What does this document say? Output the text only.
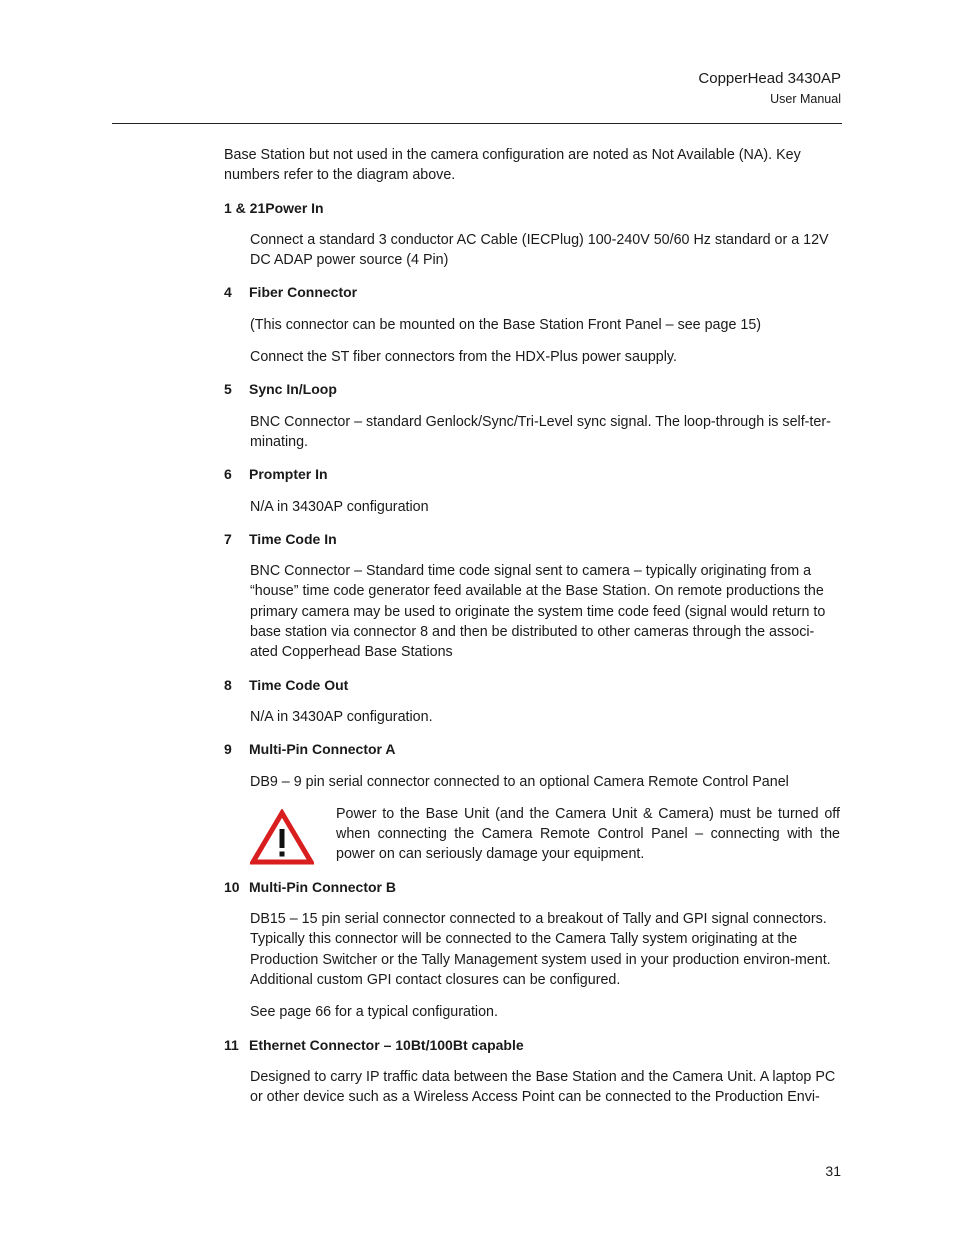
CopperHead 3430AP
User Manual

Base Station but not used in the camera configuration are noted as Not Available (NA). Key numbers refer to the diagram above.

1 & 21Power In

Connect a standard 3 conductor AC Cable (IECPlug) 100-240V 50/60 Hz standard or a 12V DC ADAP power source (4 Pin)

4 Fiber Connector

(This connector can be mounted on the Base Station Front Panel – see page 15)

Connect the ST fiber connectors from the HDX-Plus power saupply.

5 Sync In/Loop

BNC Connector – standard Genlock/Sync/Tri-Level sync signal. The loop-through is self-ter-minating.

6 Prompter In

N/A in 3430AP configuration

7 Time Code In

BNC Connector – Standard time code signal sent to camera – typically originating from a “house” time code generator feed available at the Base Station. On remote productions the primary camera may be used to originate the system time code feed (signal would return to base station via connector 8 and then be distributed to other cameras through the associ-ated Copperhead Base Stations

8 Time Code Out

N/A in 3430AP configuration.

9 Multi-Pin Connector A

DB9 – 9 pin serial connector connected to an optional Camera Remote Control Panel

Power to the Base Unit (and the Camera Unit & Camera) must be turned off when connecting the Camera Remote Control Panel – connecting with the power on can seriously damage your equipment.

10 Multi-Pin Connector B

DB15 – 15 pin serial connector connected to a breakout of Tally and GPI signal connectors. Typically this connector will be connected to the Camera Tally system originating at the Production Switcher or the Tally Management system used in your production environ-ment. Additional custom GPI contact closures can be configured.

See page 66 for a typical configuration.

11 Ethernet Connector – 10Bt/100Bt capable

Designed to carry IP traffic data between the Base Station and the Camera Unit. A laptop PC or other device such as a Wireless Access Point can be connected to the Production Envi-

31
